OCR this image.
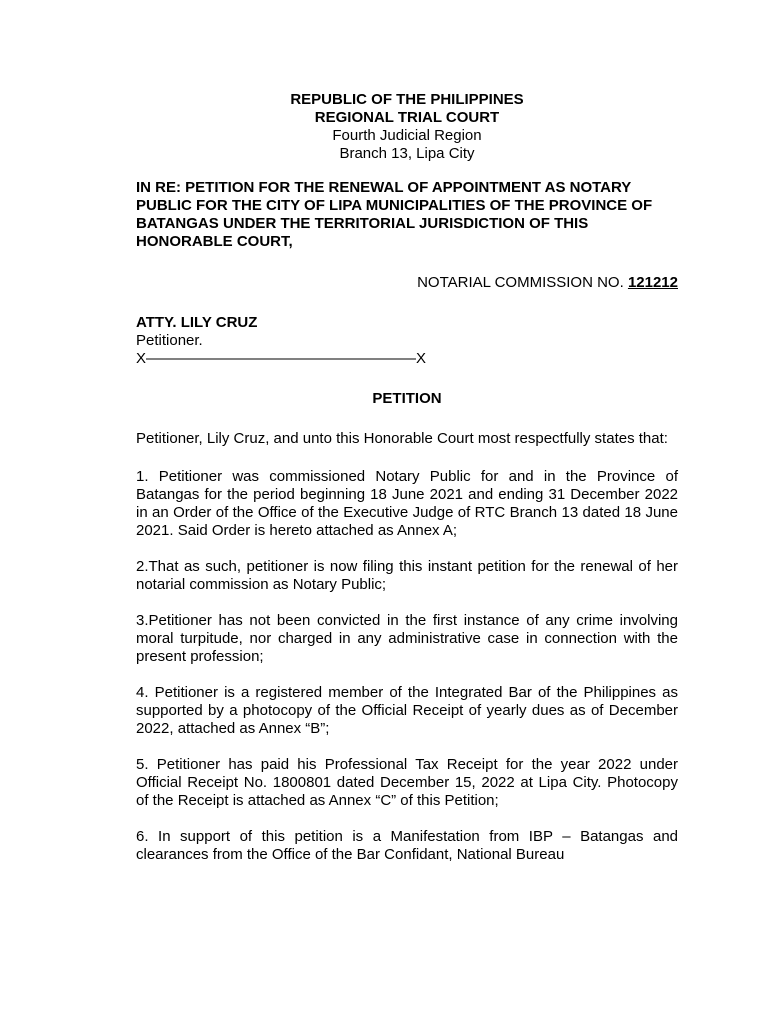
REPUBLIC OF THE PHILIPPINES
REGIONAL TRIAL COURT
Fourth Judicial Region
Branch 13, Lipa City
IN RE: PETITION FOR THE RENEWAL OF APPOINTMENT AS NOTARY PUBLIC FOR THE CITY OF LIPA MUNICIPALITIES OF THE PROVINCE OF BATANGAS UNDER THE TERRITORIAL JURISDICTION OF THIS HONORABLE COURT,
NOTARIAL COMMISSION NO. 121212
ATTY. LILY CRUZ
Petitioner.
X——————————————————X
PETITION
Petitioner, Lily Cruz, and unto this Honorable Court most respectfully states that:
1. Petitioner was commissioned Notary Public for and in the Province of Batangas for the period beginning 18 June 2021 and ending 31 December 2022 in an Order of the Office of the Executive Judge of RTC Branch 13 dated 18 June 2021. Said Order is hereto attached as Annex A;
2.That as such, petitioner is now filing this instant petition for the renewal of her notarial commission as Notary Public;
3.Petitioner has not been convicted in the first instance of any crime involving moral turpitude, nor charged in any administrative case in connection with the present profession;
4. Petitioner is a registered member of the Integrated Bar of the Philippines as supported by a photocopy of the Official Receipt of yearly dues as of December 2022, attached as Annex “B”;
5. Petitioner has paid his Professional Tax Receipt for the year 2022 under Official Receipt No. 1800801 dated December 15, 2022 at Lipa City. Photocopy of the Receipt is attached as Annex “C” of this Petition;
6. In support of this petition is a Manifestation from IBP – Batangas and clearances from the Office of the Bar Confidant, National Bureau
